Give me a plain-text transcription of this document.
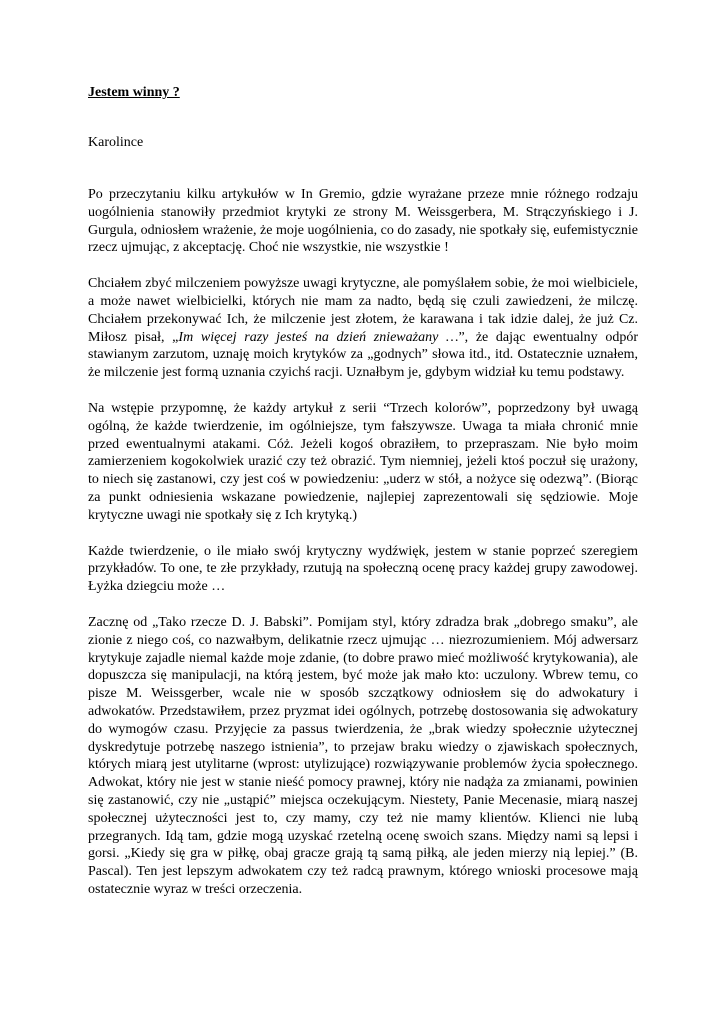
Jestem winny ?
Karolince

Po przeczytaniu kilku artykułów w In Gremio, gdzie wyrażane przeze mnie różnego rodzaju uogólnienia stanowiły przedmiot krytyki ze strony M. Weissgerbera, M. Strączyńskiego i J. Gurgula, odniosłem wrażenie, że moje uogólnienia, co do zasady, nie spotkały się, eufemistycznie rzecz ujmując, z akceptację. Choć nie wszystkie, nie wszystkie !

Chciałem zbyć milczeniem powyższe uwagi krytyczne, ale pomyślałem sobie, że moi wielbiciele, a może nawet wielbicielki, których nie mam za nadto, będą się czuli zawiedzeni, że milczę. Chciałem przekonywać Ich, że milczenie jest złotem, że karawana i tak idzie dalej, że już Cz. Miłosz pisał, „Im więcej razy jesteś na dzień znieważany …”, że dając ewentualny odpór stawianym zarzutom, uznaję moich krytyków za „godnych” słowa itd., itd. Ostatecznie uznałem, że milczenie jest formą uznania czyichś racji. Uznałbym je, gdybym widział ku temu podstawy.

Na wstępie przypomnę, że każdy artykuł z serii “Trzech kolorów”, poprzedzony był uwagą ogólną, że każde twierdzenie, im ogólniejsze, tym fałszywsze. Uwaga ta miała chronić mnie przed ewentualnymi atakami. Cóż. Jeżeli kogoś obraziłem, to przepraszam. Nie było moim zamierzeniem kogokolwiek urazić czy też obrazić. Tym niemniej, jeżeli ktoś poczuł się urażony, to niech się zastanowi, czy jest coś w powiedzeniu: „uderz w stół, a nożyce się odezwą”. (Biorąc za punkt odniesienia wskazane powiedzenie, najlepiej zaprezentowali się sędziowie. Moje krytyczne uwagi nie spotkały się z Ich krytyką.)

Każde twierdzenie, o ile miało swój krytyczny wydźwięk, jestem w stanie poprzeć szeregiem przykładów. To one, te złe przykłady, rzutują na społeczną ocenę pracy każdej grupy zawodowej. Łyżka dziegciu może …

Zacznę od „Tako rzecze D. J. Babski”. Pomijam styl, który zdradza brak „dobrego smaku”, ale zionie z niego coś, co nazwałbym, delikatnie rzecz ujmując … niezrozumieniem. Mój adwersarz krytykuje zajadle niemal każde moje zdanie, (to dobre prawo mieć możliwość krytykowania), ale dopuszcza się manipulacji, na którą jestem, być może jak mało kto: uczulony. Wbrew temu, co pisze M. Weissgerber, wcale nie w sposób szczątkowy odniosłem się do adwokatury i adwokatów. Przedstawiłem, przez pryzmat idei ogólnych, potrzebę dostosowania się adwokatury do wymogów czasu. Przyjęcie za passus twierdzenia, że „brak wiedzy społecznie użytecznej dyskredytuje potrzebę naszego istnienia”, to przejaw braku wiedzy o zjawiskach społecznych, których miarą jest utylitarne (wprost: utylizujące) rozwiązywanie problemów życia społecznego. Adwokat, który nie jest w stanie nieść pomocy prawnej, który nie nadąża za zmianami, powinien się zastanowić, czy nie „ustąpić” miejsca oczekującym. Niestety, Panie Mecenasie, miarą naszej społecznej użyteczności jest to, czy mamy, czy też nie mamy klientów. Klienci nie lubą przegranych. Idą tam, gdzie mogą uzyskać rzetelną ocenę swoich szans. Między nami są lepsi i gorsi. „Kiedy się gra w piłkę, obaj gracze grają tą samą piłką, ale jeden mierzy nią lepiej.” (B. Pascal). Ten jest lepszym adwokatem czy też radcą prawnym, którego wnioski procesowe mają ostatecznie wyraz w treści orzeczenia.
